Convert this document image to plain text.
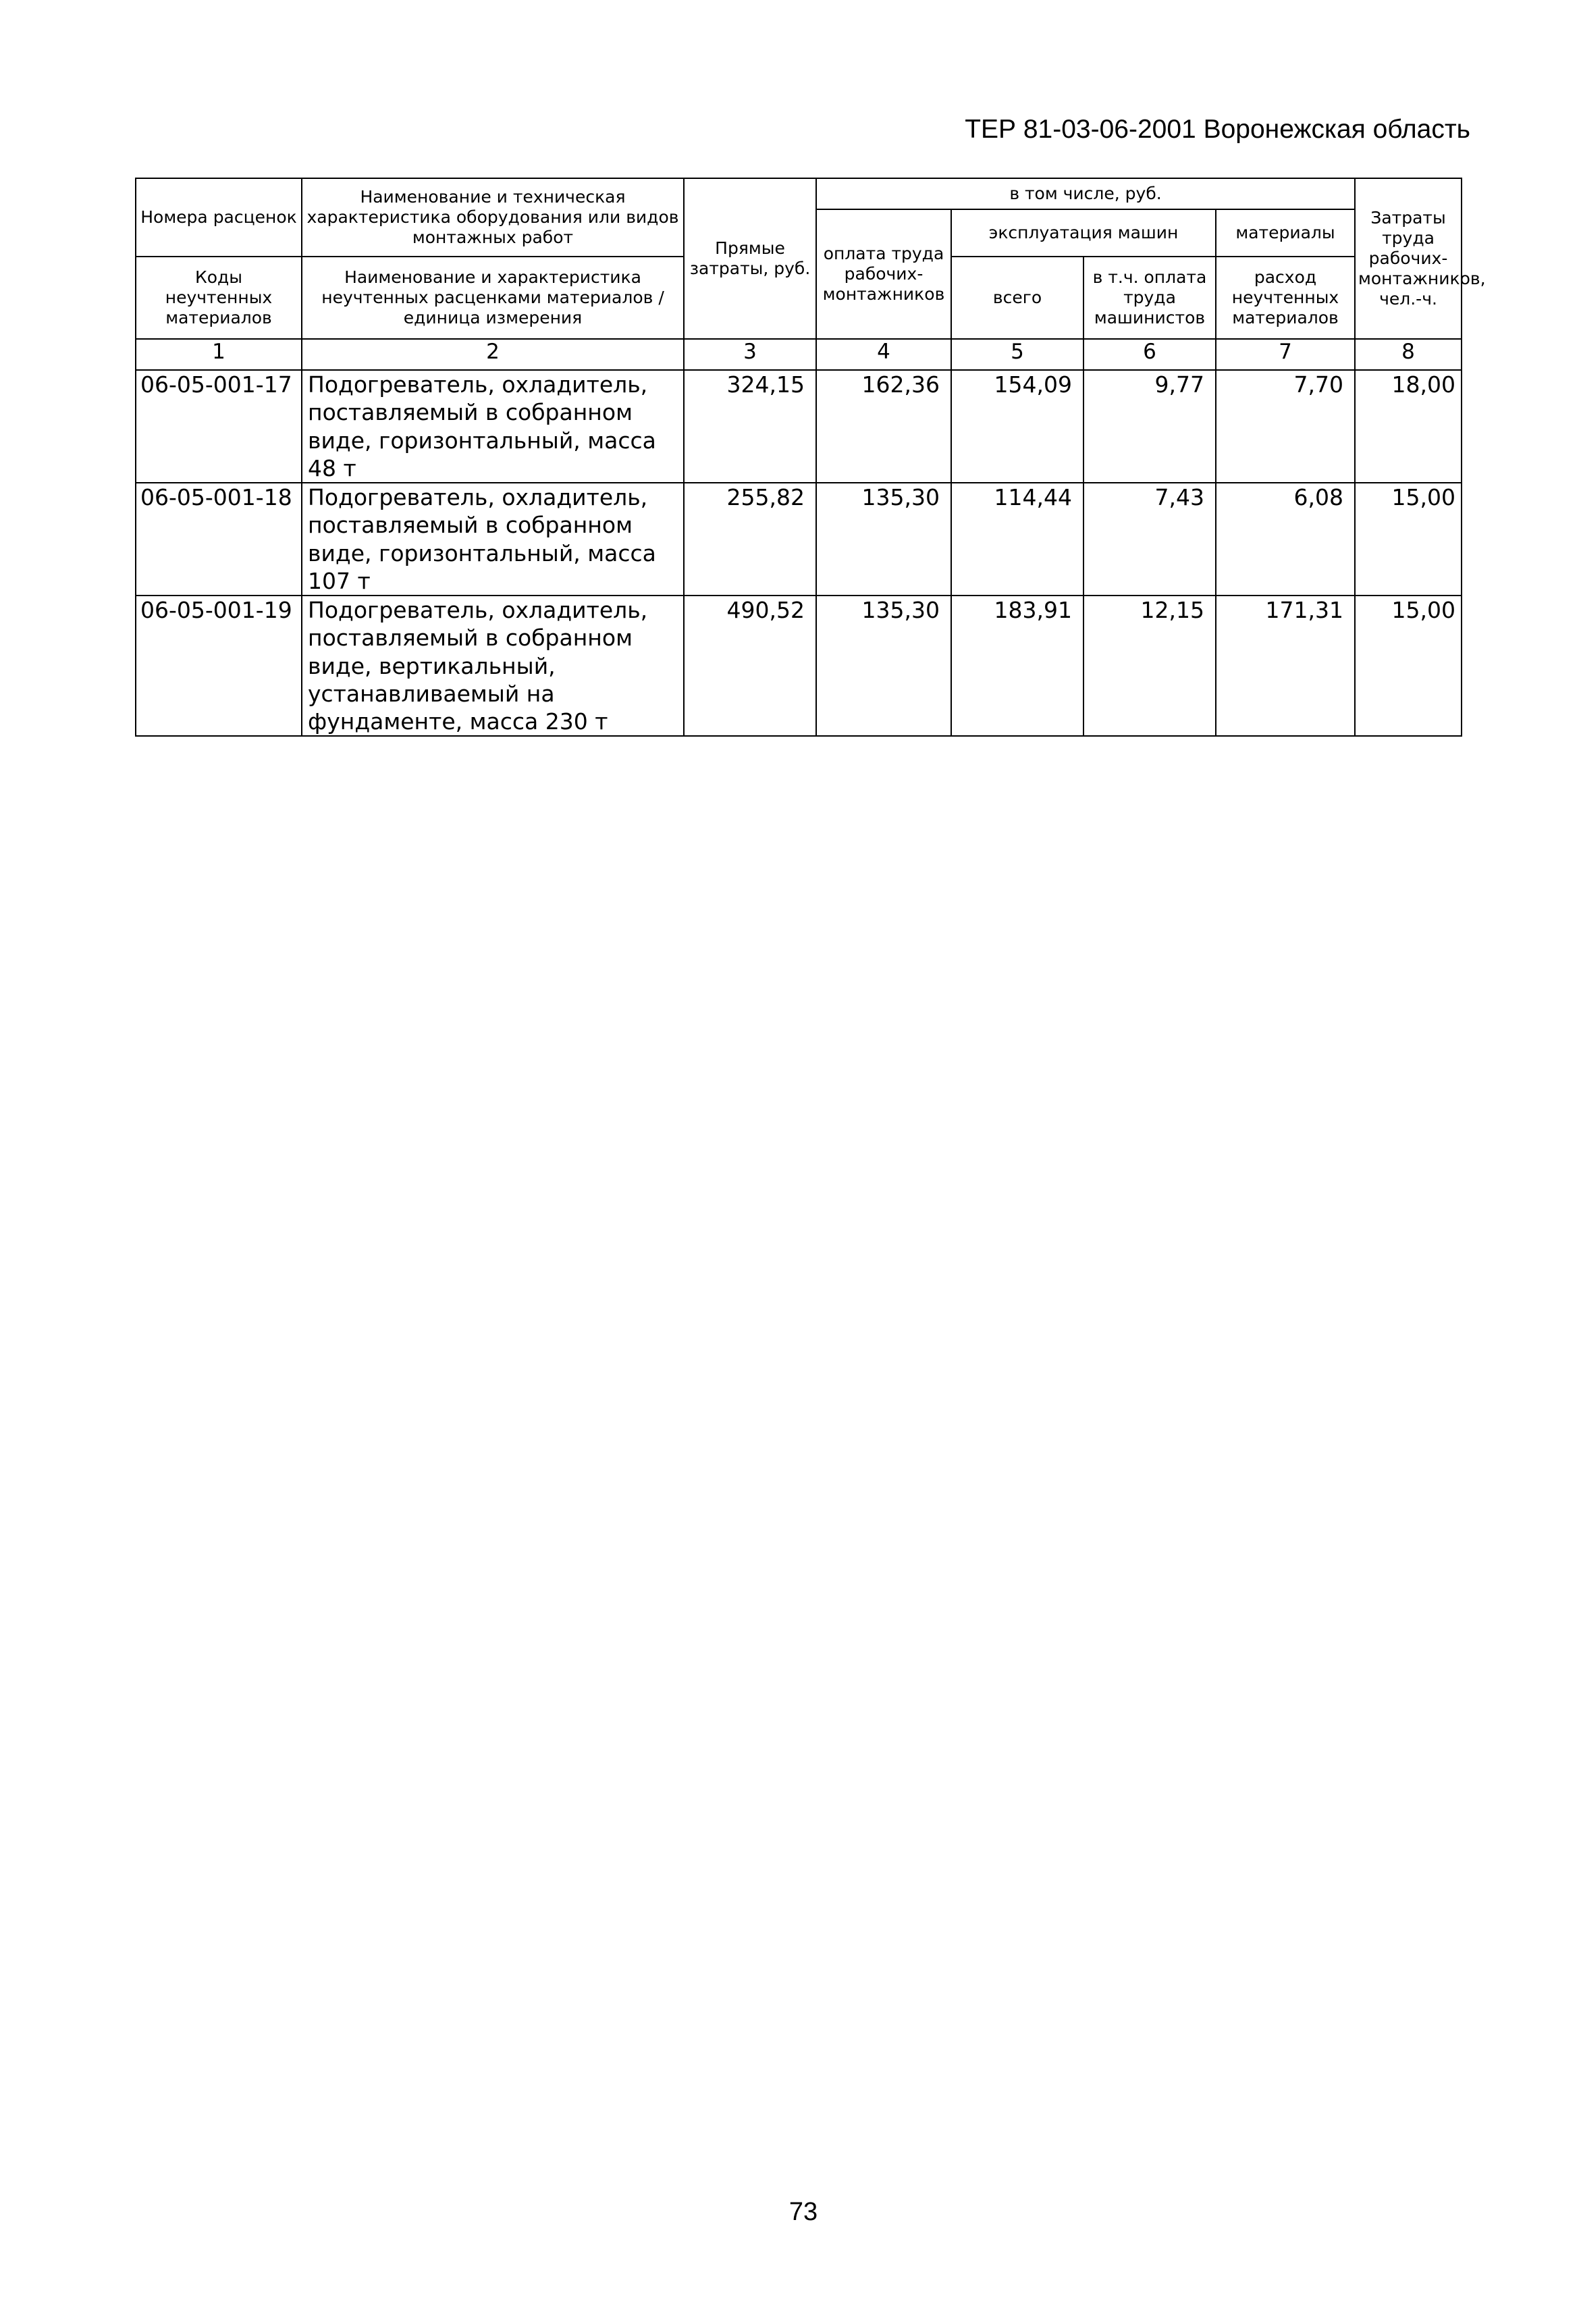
ТЕР 81-03-06-2001 Воронежская область
Номера расценок	Наименование и техническая характеристика оборудования или видов монтажных работ	Прямые затраты, руб.	в том числе, руб.				Затраты труда рабочих-монтажников, чел.-ч.
			оплата труда рабочих-монтажников	эксплуатация машин		материалы	
Коды неучтенных материалов	Наименование и характеристика неучтенных расценками материалов / единица измерения			всего	в т.ч. оплата труда машинистов	расход неучтенных материалов	

1	2	3	4	5	6	7	8
06-05-001-17	Подогреватель, охладитель, поставляемый в собранном виде, горизонтальный, масса 48 т	324,15	162,36	154,09	9,77	7,70	18,00
06-05-001-18	Подогреватель, охладитель, поставляемый в собранном виде, горизонтальный, масса 107 т	255,82	135,30	114,44	7,43	6,08	15,00
06-05-001-19	Подогреватель, охладитель, поставляемый в собранном виде, вертикальный, устанавливаемый на фундаменте, масса 230 т	490,52	135,30	183,91	12,15	171,31	15,00
73
